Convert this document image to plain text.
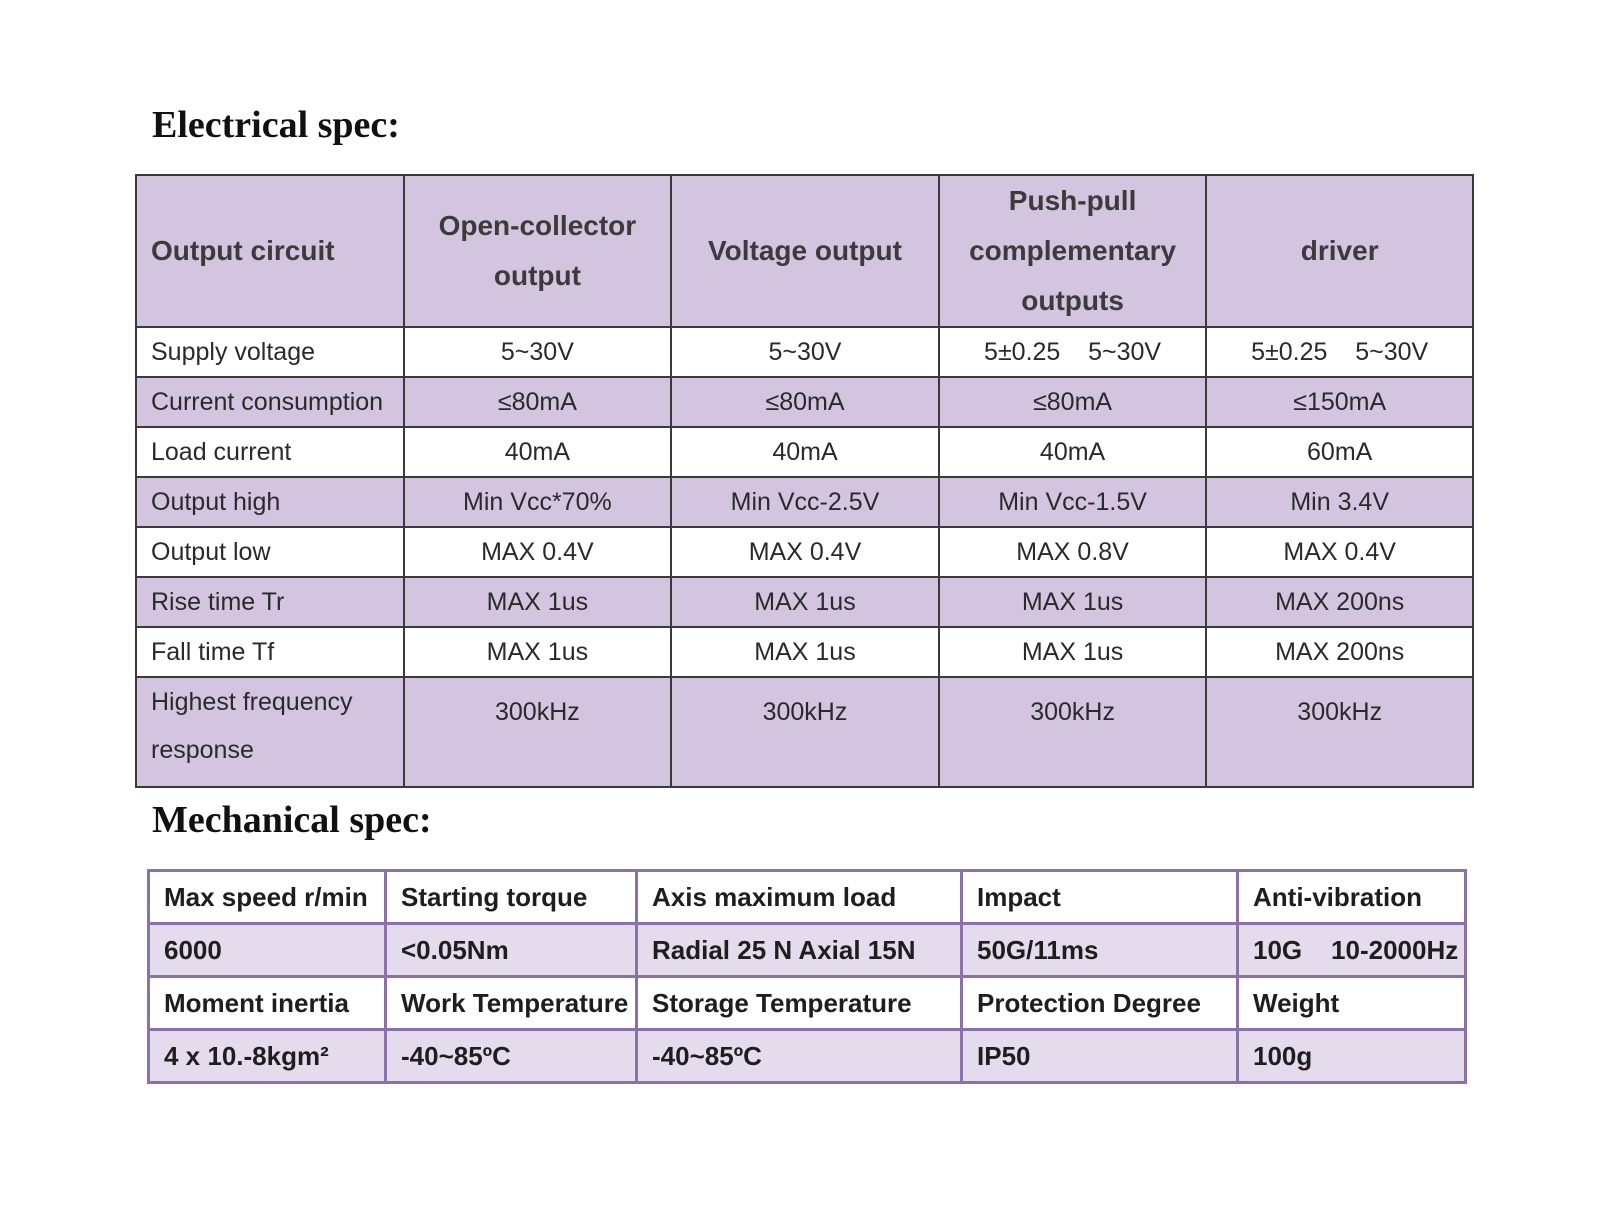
Electrical spec:
Output circuit	Open-collector output	Voltage output	Push-pull complementary outputs	driver
Supply voltage	5~30V	5~30V	5±0.25    5~30V	5±0.25    5~30V
Current consumption	≤80mA	≤80mA	≤80mA	≤150mA
Load current	40mA	40mA	40mA	60mA
Output high	Min Vcc*70%	Min Vcc-2.5V	Min Vcc-1.5V	Min 3.4V
Output low	MAX 0.4V	MAX 0.4V	MAX 0.8V	MAX 0.4V
Rise time Tr	MAX 1us	MAX 1us	MAX 1us	MAX 200ns
Fall time Tf	MAX 1us	MAX 1us	MAX 1us	MAX 200ns
Highest frequency response	300kHz	300kHz	300kHz	300kHz
Mechanical spec:
Max speed r/min	Starting torque	Axis maximum load	Impact	Anti-vibration
6000	<0.05Nm	Radial 25 N Axial 15N	50G/11ms	10G    10-2000Hz
Moment inertia	Work Temperature	Storage Temperature	Protection Degree	Weight
4 x 10.-8kgm²	-40~85ºC	-40~85ºC	IP50	100g
